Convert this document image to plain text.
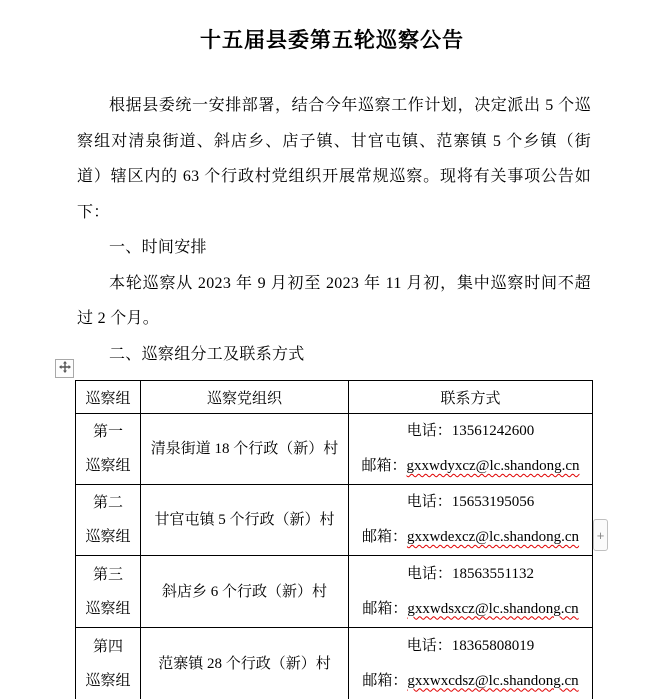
十五届县委第五轮巡察公告

根据县委统一安排部署，结合今年巡察工作计划，决定派出 5 个巡察组对清泉街道、斜店乡、店子镇、甘官屯镇、范寨镇 5 个乡镇（街道）辖区内的 63 个行政村党组织开展常规巡察。现将有关事项公告如下：

一、时间安排

本轮巡察从 2023 年 9 月初至 2023 年 11 月初，集中巡察时间不超过 2 个月。

二、巡察组分工及联系方式

巡察组	巡察党组织	联系方式
第一
巡察组	清泉街道 18 个行政（新）村	电话：13561242600
邮箱：gxxwdyxcz@lc.shandong.cn

第二
巡察组	甘官屯镇 5 个行政（新）村	电话：15653195056
邮箱：gxxwdexcz@lc.shandong.cn

第三
巡察组	斜店乡 6 个行政（新）村	电话：18563551132
邮箱：gxxwdsxcz@lc.shandong.cn

第四
巡察组	范寨镇 28 个行政（新）村	电话：18365808019
邮箱：gxxwxcdsz@lc.shandong.cn
+
